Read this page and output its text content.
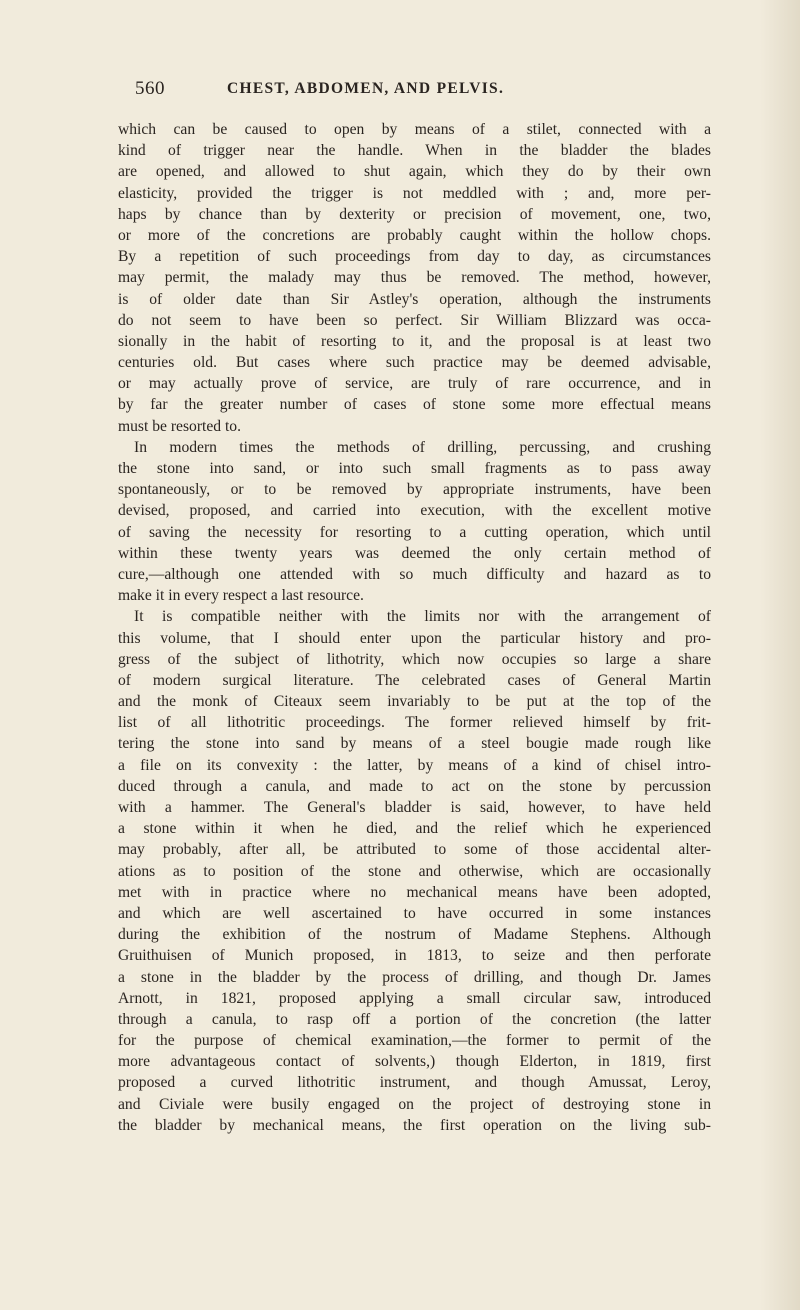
560	CHEST, ABDOMEN, AND PELVIS.
which can be caused to open by means of a stilet, connected with a
kind of trigger near the handle. When in the bladder the blades
are opened, and allowed to shut again, which they do by their own
elasticity, provided the trigger is not meddled with ; and, more per-
haps by chance than by dexterity or precision of movement, one, two,
or more of the concretions are probably caught within the hollow chops.
By a repetition of such proceedings from day to day, as circumstances
may permit, the malady may thus be removed. The method, however,
is of older date than Sir Astley's operation, although the instruments
do not seem to have been so perfect. Sir William Blizzard was occa-
sionally in the habit of resorting to it, and the proposal is at least two
centuries old. But cases where such practice may be deemed advisable,
or may actually prove of service, are truly of rare occurrence, and in
by far the greater number of cases of stone some more effectual means
must be resorted to.
In modern times the methods of drilling, percussing, and crushing
the stone into sand, or into such small fragments as to pass away
spontaneously, or to be removed by appropriate instruments, have been
devised, proposed, and carried into execution, with the excellent motive
of saving the necessity for resorting to a cutting operation, which until
within these twenty years was deemed the only certain method of
cure,—although one attended with so much difficulty and hazard as to
make it in every respect a last resource.
It is compatible neither with the limits nor with the arrangement of
this volume, that I should enter upon the particular history and pro-
gress of the subject of lithotrity, which now occupies so large a share
of modern surgical literature. The celebrated cases of General Martin
and the monk of Citeaux seem invariably to be put at the top of the
list of all lithotritic proceedings. The former relieved himself by frit-
tering the stone into sand by means of a steel bougie made rough like
a file on its convexity : the latter, by means of a kind of chisel intro-
duced through a canula, and made to act on the stone by percussion
with a hammer. The General's bladder is said, however, to have held
a stone within it when he died, and the relief which he experienced
may probably, after all, be attributed to some of those accidental alter-
ations as to position of the stone and otherwise, which are occasionally
met with in practice where no mechanical means have been adopted,
and which are well ascertained to have occurred in some instances
during the exhibition of the nostrum of Madame Stephens. Although
Gruithuisen of Munich proposed, in 1813, to seize and then perforate
a stone in the bladder by the process of drilling, and though Dr. James
Arnott, in 1821, proposed applying a small circular saw, introduced
through a canula, to rasp off a portion of the concretion (the latter
for the purpose of chemical examination,—the former to permit of the
more advantageous contact of solvents,) though Elderton, in 1819, first
proposed a curved lithotritic instrument, and though Amussat, Leroy,
and Civiale were busily engaged on the project of destroying stone in
the bladder by mechanical means, the first operation on the living sub-
